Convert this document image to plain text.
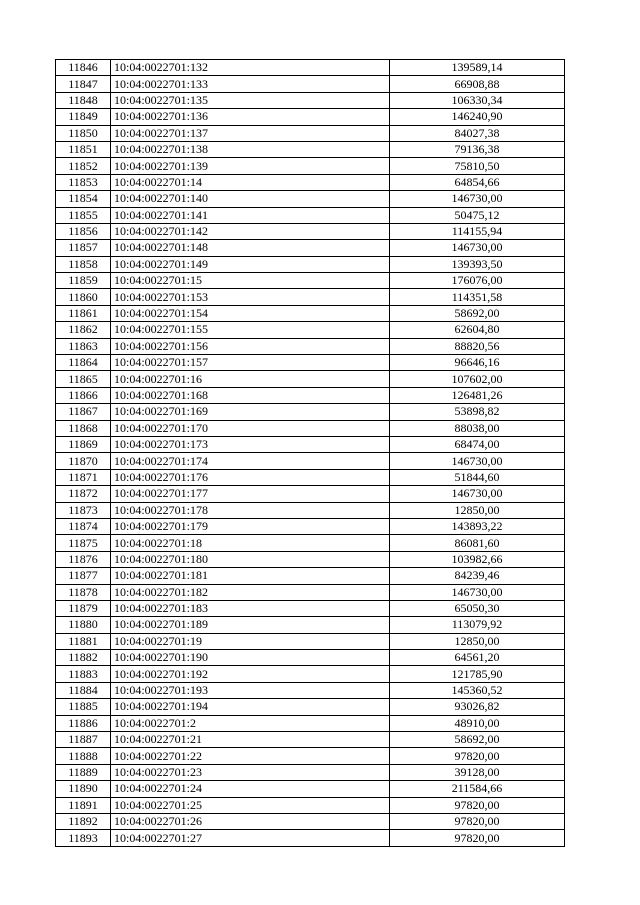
11846	10:04:0022701:132	139589,14
11847	10:04:0022701:133	66908,88
11848	10:04:0022701:135	106330,34
11849	10:04:0022701:136	146240,90
11850	10:04:0022701:137	84027,38
11851	10:04:0022701:138	79136,38
11852	10:04:0022701:139	75810,50
11853	10:04:0022701:14	64854,66
11854	10:04:0022701:140	146730,00
11855	10:04:0022701:141	50475,12
11856	10:04:0022701:142	114155,94
11857	10:04:0022701:148	146730,00
11858	10:04:0022701:149	139393,50
11859	10:04:0022701:15	176076,00
11860	10:04:0022701:153	114351,58
11861	10:04:0022701:154	58692,00
11862	10:04:0022701:155	62604,80
11863	10:04:0022701:156	88820,56
11864	10:04:0022701:157	96646,16
11865	10:04:0022701:16	107602,00
11866	10:04:0022701:168	126481,26
11867	10:04:0022701:169	53898,82
11868	10:04:0022701:170	88038,00
11869	10:04:0022701:173	68474,00
11870	10:04:0022701:174	146730,00
11871	10:04:0022701:176	51844,60
11872	10:04:0022701:177	146730,00
11873	10:04:0022701:178	12850,00
11874	10:04:0022701:179	143893,22
11875	10:04:0022701:18	86081,60
11876	10:04:0022701:180	103982,66
11877	10:04:0022701:181	84239,46
11878	10:04:0022701:182	146730,00
11879	10:04:0022701:183	65050,30
11880	10:04:0022701:189	113079,92
11881	10:04:0022701:19	12850,00
11882	10:04:0022701:190	64561,20
11883	10:04:0022701:192	121785,90
11884	10:04:0022701:193	145360,52
11885	10:04:0022701:194	93026,82
11886	10:04:0022701:2	48910,00
11887	10:04:0022701:21	58692,00
11888	10:04:0022701:22	97820,00
11889	10:04:0022701:23	39128,00
11890	10:04:0022701:24	211584,66
11891	10:04:0022701:25	97820,00
11892	10:04:0022701:26	97820,00
11893	10:04:0022701:27	97820,00
